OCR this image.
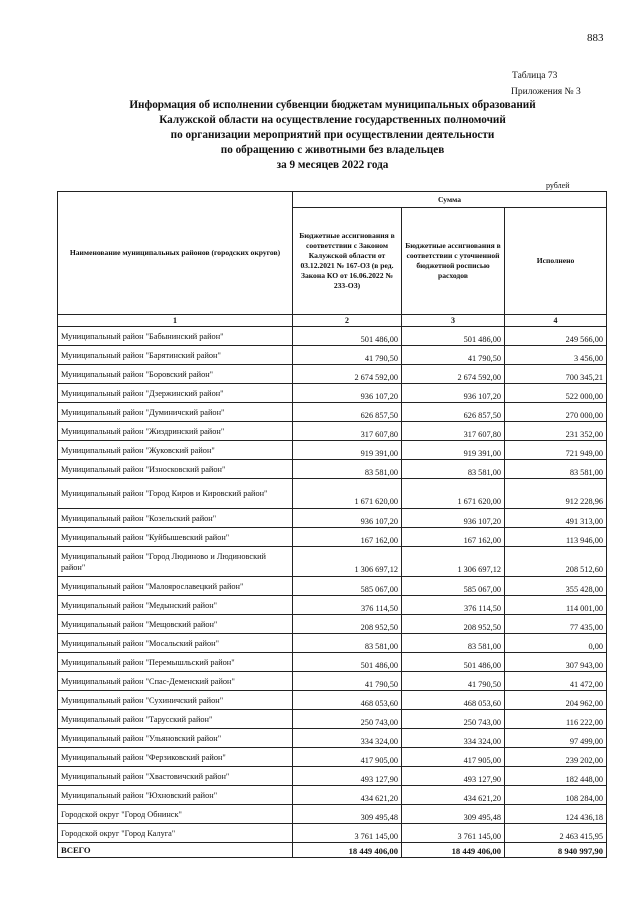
883
Таблица 73
Приложения № 3
Информация об исполнении субвенции бюджетам муниципальных образований
Калужской области на осуществление государственных полномочий
по организации мероприятий при осуществлении деятельности
по обращению с животными без владельцев
за 9 месяцев 2022 года
рублей
Наименование муниципальных районов (городских округов)	Сумма		
	Бюджетные ассигнования в соответствии с Законом Калужской области от 03.12.2021 № 167-ОЗ (в ред. Закона КО от 16.06.2022 № 233-ОЗ)	Бюджетные ассигнования в соответствии с уточненной бюджетной росписью расходов	Исполнено
1	2	3	4
Муниципальный район "Бабынинский район"	501 486,00	501 486,00	249 566,00
Муниципальный район "Барятинский район"	41 790,50	41 790,50	3 456,00
Муниципальный район "Боровский район"	2 674 592,00	2 674 592,00	700 345,21
Муниципальный район "Дзержинский район"	936 107,20	936 107,20	522 000,00
Муниципальный район "Думиничский район"	626 857,50	626 857,50	270 000,00
Муниципальный район "Жиздринский район"	317 607,80	317 607,80	231 352,00
Муниципальный район "Жуковский район"	919 391,00	919 391,00	721 949,00
Муниципальный район "Износковский район"	83 581,00	83 581,00	83 581,00
Муниципальный район "Город Киров и Кировский район"	1 671 620,00	1 671 620,00	912 228,96
Муниципальный район "Козельский район"	936 107,20	936 107,20	491 313,00
Муниципальный район "Куйбышевский район"	167 162,00	167 162,00	113 946,00
Муниципальный район "Город Людиново и Людиновский район"	1 306 697,12	1 306 697,12	208 512,60
Муниципальный район "Малоярославецкий район"	585 067,00	585 067,00	355 428,00
Муниципальный район "Медынский район"	376 114,50	376 114,50	114 001,00
Муниципальный район "Мещовский район"	208 952,50	208 952,50	77 435,00
Муниципальный район "Мосальский район"	83 581,00	83 581,00	0,00
Муниципальный район "Перемышльский район"	501 486,00	501 486,00	307 943,00
Муниципальный район "Спас-Деменский район"	41 790,50	41 790,50	41 472,00
Муниципальный район "Сухиничский район"	468 053,60	468 053,60	204 962,00
Муниципальный район "Тарусский район"	250 743,00	250 743,00	116 222,00
Муниципальный район "Ульяновский район"	334 324,00	334 324,00	97 499,00
Муниципальный район "Ферзиковский район"	417 905,00	417 905,00	239 202,00
Муниципальный район "Хвастовичский район"	493 127,90	493 127,90	182 448,00
Муниципальный район "Юхновский район"	434 621,20	434 621,20	108 284,00
Городской округ "Город Обнинск"	309 495,48	309 495,48	124 436,18
Городской округ "Город Калуга"	3 761 145,00	3 761 145,00	2 463 415,95
ВСЕГО	18 449 406,00	18 449 406,00	8 940 997,90
